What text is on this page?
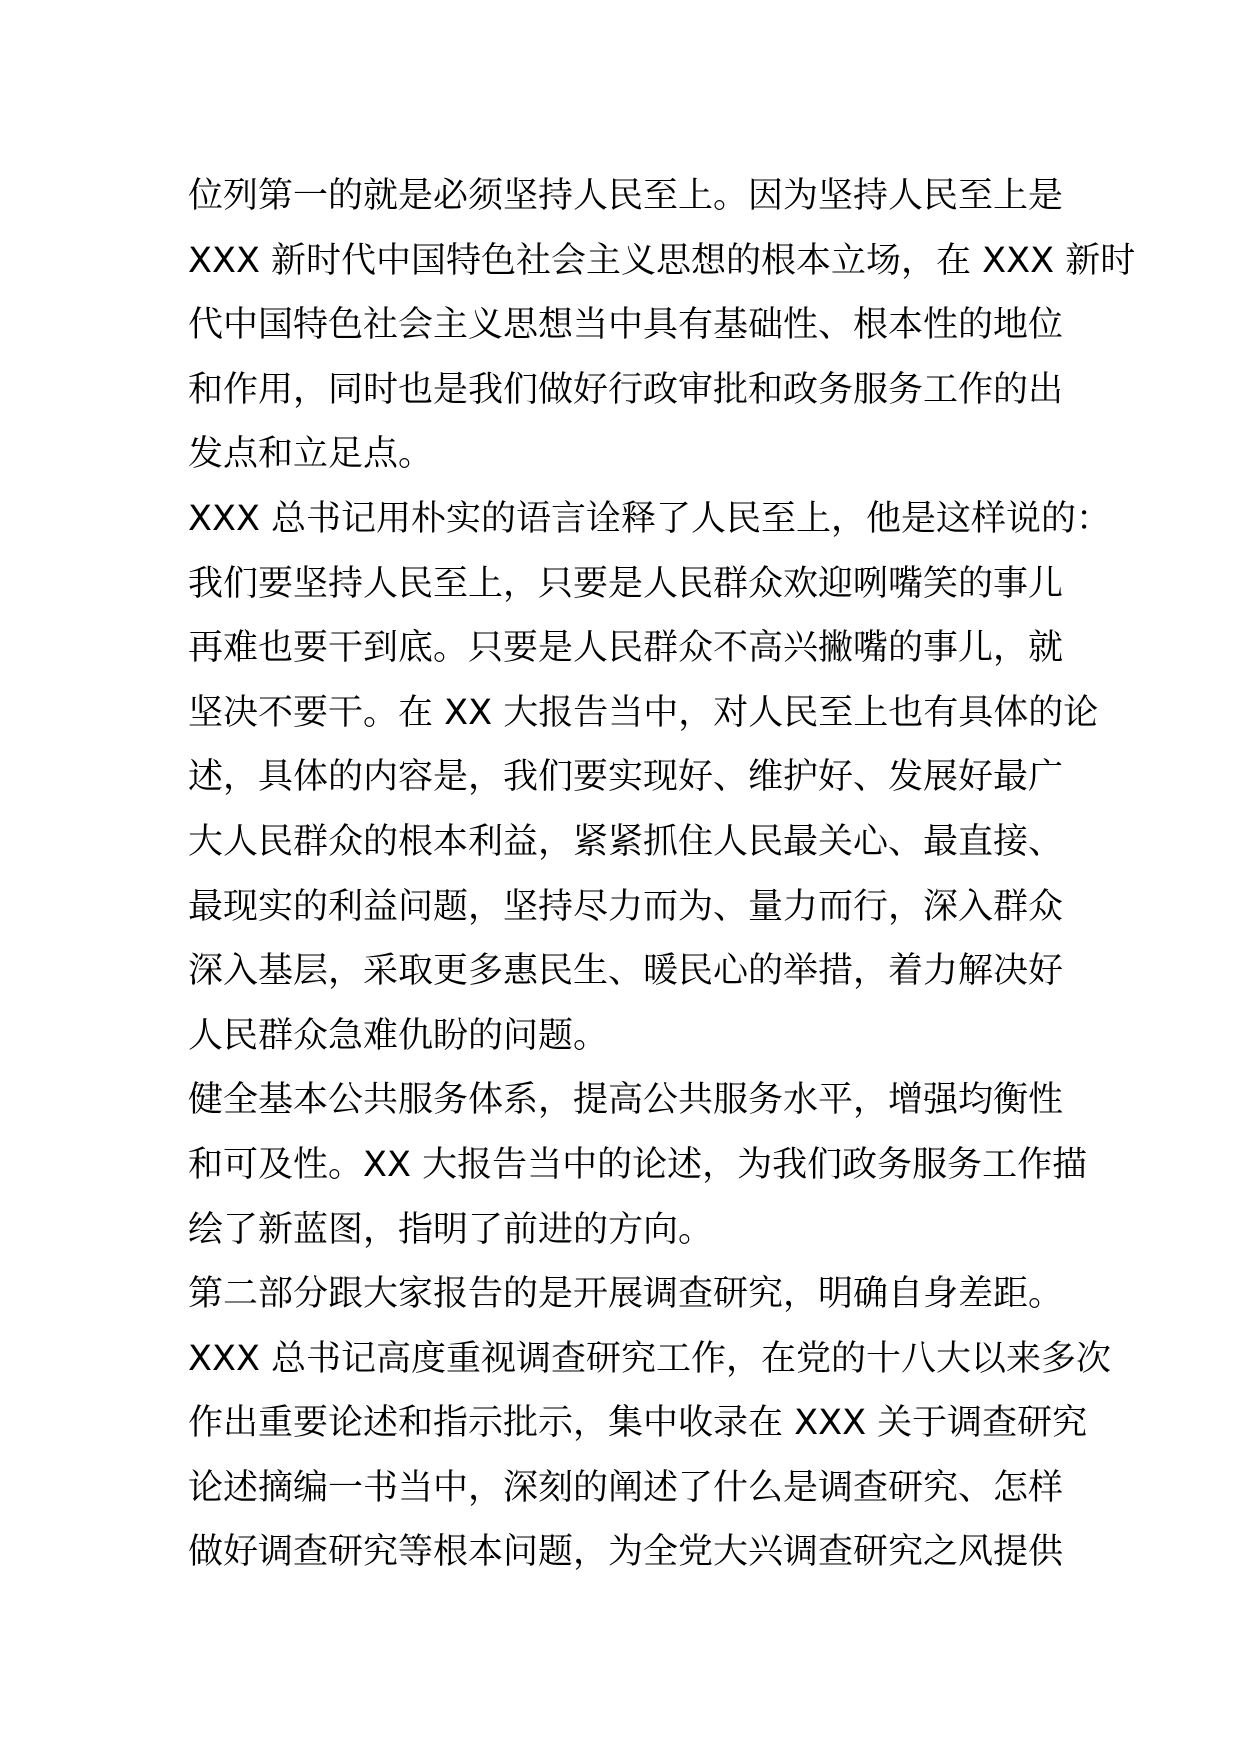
位列第一的就是必须坚持人民至上。因为坚持人民至上是
XXX 新时代中国特色社会主义思想的根本立场，在 XXX 新时
代中国特色社会主义思想当中具有基础性、根本性的地位
和作用，同时也是我们做好行政审批和政务服务工作的出
发点和立足点。
XXX 总书记用朴实的语言诠释了人民至上，他是这样说的：
我们要坚持人民至上，只要是人民群众欢迎咧嘴笑的事儿
再难也要干到底。只要是人民群众不高兴撇嘴的事儿，就
坚决不要干。在 XX 大报告当中，对人民至上也有具体的论
述，具体的内容是，我们要实现好、维护好、发展好最广
大人民群众的根本利益，紧紧抓住人民最关心、最直接、
最现实的利益问题，坚持尽力而为、量力而行，深入群众
深入基层，采取更多惠民生、暖民心的举措，着力解决好
人民群众急难仇盼的问题。
健全基本公共服务体系，提高公共服务水平，增强均衡性
和可及性。XX 大报告当中的论述，为我们政务服务工作描
绘了新蓝图，指明了前进的方向。
第二部分跟大家报告的是开展调查研究，明确自身差距。
XXX 总书记高度重视调查研究工作，在党的十八大以来多次
作出重要论述和指示批示，集中收录在 XXX 关于调查研究
论述摘编一书当中，深刻的阐述了什么是调查研究、怎样
做好调查研究等根本问题，为全党大兴调查研究之风提供
